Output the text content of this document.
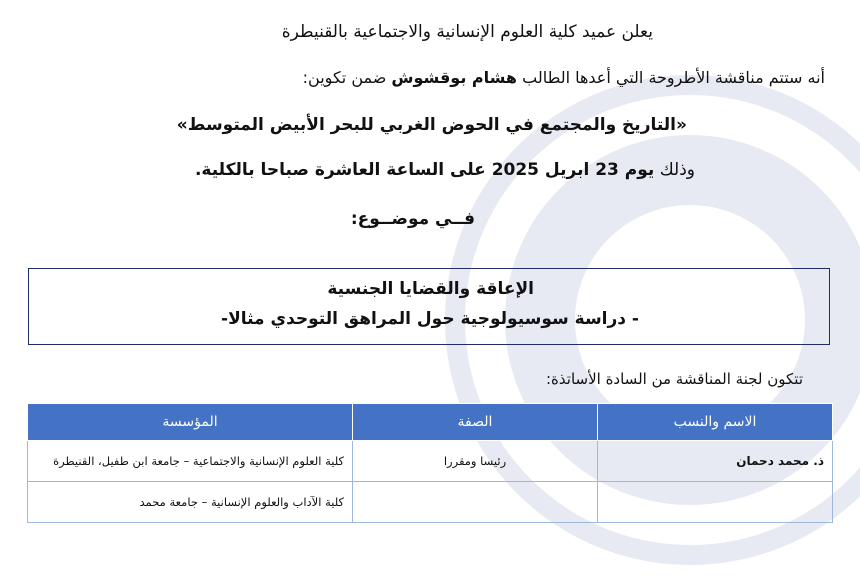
يعلن عميد كلية العلوم الإنسانية والاجتماعية بالقنيطرة
أنه ستتم مناقشة الأطروحة التي أعدها الطالب هشام بوقشوش ضمن تكوين:
«التاريخ والمجتمع في الحوض الغربي للبحر الأبيض المتوسط»
وذلك يوم 23 ابريل 2025 على الساعة العاشرة صباحا بالكلية.
فــي موضــوع:
الإعاقة والقضايا الجنسية
- دراسة سوسيولوجية حول المراهق التوحدي مثالا-
تتكون لجنة المناقشة من السادة الأساتذة:
الاسم والنسب	الصفة	المؤسسة
ذ. محمد دحمان	رئيسا ومقررا	كلية العلوم الإنسانية والاجتماعية – جامعة ابن طفيل، القنيطرة
		كلية الآداب والعلوم الإنسانية – جامعة محمد
